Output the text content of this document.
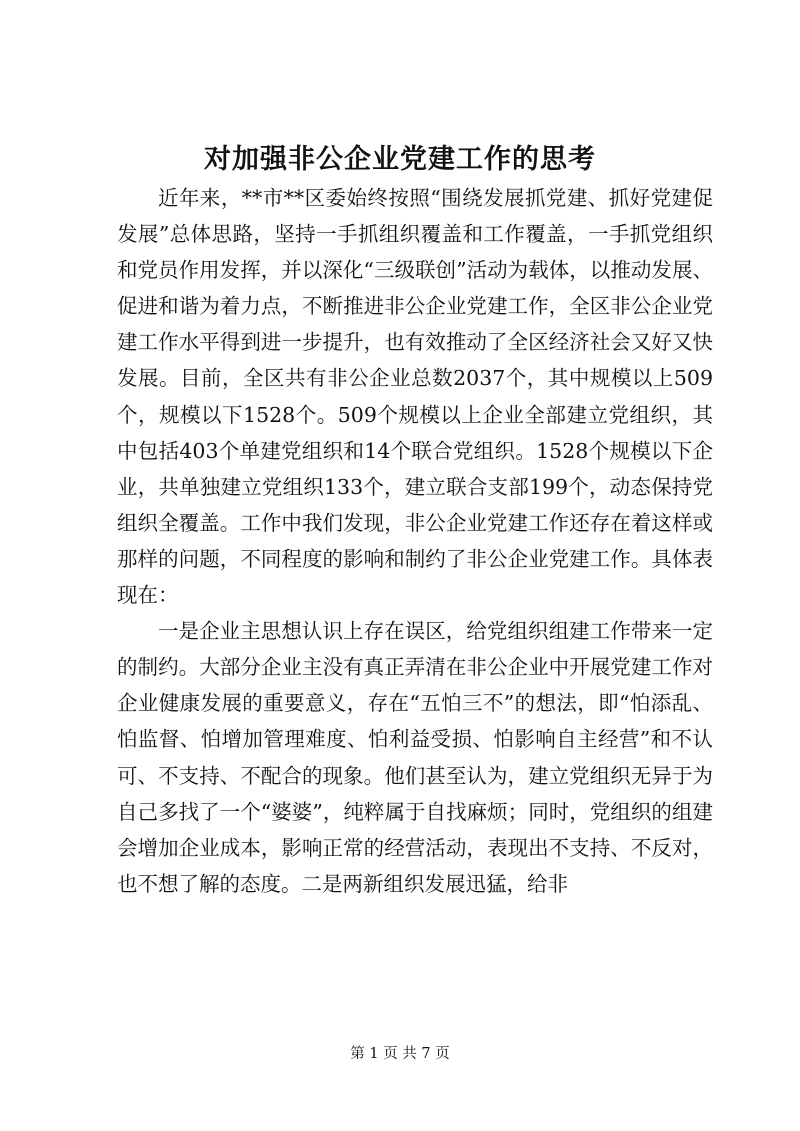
对加强非公企业党建工作的思考

近年来，**市**区委始终按照“围绕发展抓党建、抓好党建促发展”总体思路，坚持一手抓组织覆盖和工作覆盖，一手抓党组织和党员作用发挥，并以深化“三级联创”活动为载体，以推动发展、促进和谐为着力点，不断推进非公企业党建工作，全区非公企业党建工作水平得到进一步提升，也有效推动了全区经济社会又好又快发展。目前，全区共有非公企业总数2037个，其中规模以上509个，规模以下1528个。509个规模以上企业全部建立党组织，其中包括403个单建党组织和14个联合党组织。1528个规模以下企业，共单独建立党组织133个，建立联合支部199个，动态保持党组织全覆盖。工作中我们发现，非公企业党建工作还存在着这样或那样的问题，不同程度的影响和制约了非公企业党建工作。具体表现在：

一是企业主思想认识上存在误区，给党组织组建工作带来一定的制约。大部分企业主没有真正弄清在非公企业中开展党建工作对企业健康发展的重要意义，存在“五怕三不”的想法，即“怕添乱、怕监督、怕增加管理难度、怕利益受损、怕影响自主经营”和不认可、不支持、不配合的现象。他们甚至认为，建立党组织无异于为自己多找了一个“婆婆”，纯粹属于自找麻烦；同时，党组织的组建会增加企业成本，影响正常的经营活动，表现出不支持、不反对，也不想了解的态度。二是两新组织发展迅猛，给非

第 1 页 共 7 页
